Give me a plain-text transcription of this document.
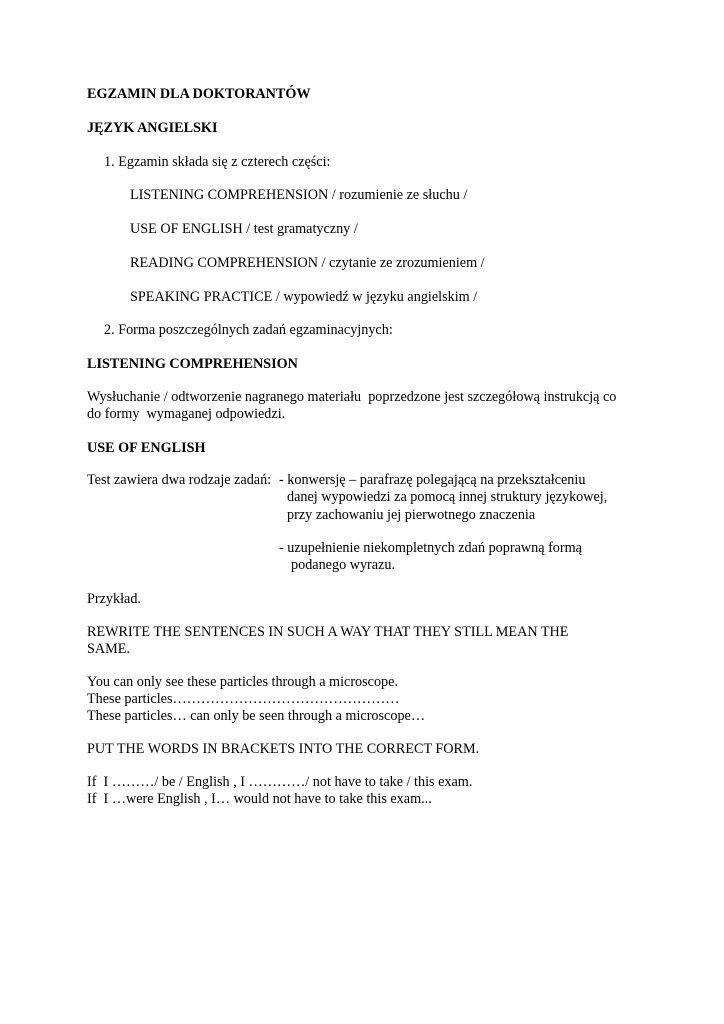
EGZAMIN DLA DOKTORANTÓW
JĘZYK ANGIELSKI
1. Egzamin składa się z czterech części:
LISTENING COMPREHENSION / rozumienie ze słuchu /
USE OF ENGLISH / test gramatyczny /
READING COMPREHENSION / czytanie ze zrozumieniem /
SPEAKING PRACTICE / wypowiedź w języku angielskim /
2. Forma poszczególnych zadań egzaminacyjnych:
LISTENING COMPREHENSION
Wysłuchanie / odtworzenie nagranego materiału  poprzedzone jest szczegółową instrukcją co
do formy  wymaganej odpowiedzi.
USE OF ENGLISH
Test zawiera dwa rodzaje zadań: - konwersję – parafrazę polegającą na przekształceniu
danej wypowiedzi za pomocą innej struktury językowej,
przy zachowaniu jej pierwotnego znaczenia
- uzupełnienie niekompletnych zdań poprawną formą
podanego wyrazu.
Przykład.
REWRITE THE SENTENCES IN SUCH A WAY THAT THEY STILL MEAN THE
SAME.
You can only see these particles through a microscope.
These particles…………………………………………
These particles… can only be seen through a microscope…
PUT THE WORDS IN BRACKETS INTO THE CORRECT FORM.
If  I ………/ be / English , I …………/ not have to take / this exam.
If  I …were English , I… would not have to take this exam...
